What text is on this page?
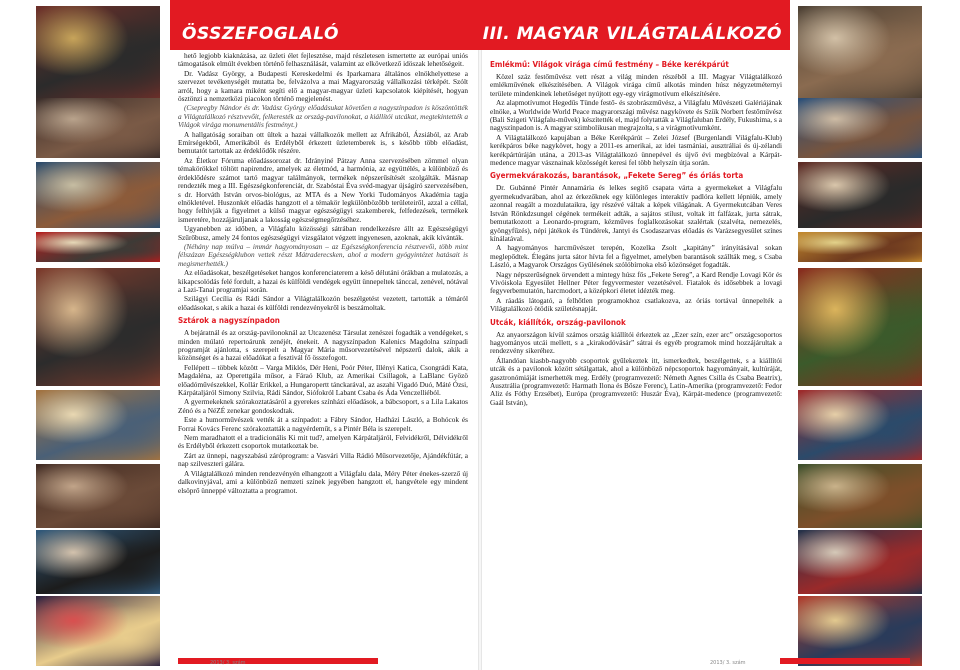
ÖSSZEFOGLALÓ

hető legjobb kiaknázása, az üzleti élet fejlesztése, majd részletesen ismertette az európai uniós támogatások elmúlt években történő felhasználását, valamint az elkövetkező idöszak lehetőségeit.

Dr. Vadász György, a Budapesti Kereskedelmi és Iparkamara általános elnökhelyettese a szervezet tevékenységét mutatta be, felvázolva a mai Magyarország vállalkozási térképét. Szólt arról, hogy a kamara miként segíti elő a magyar-magyar üzleti kapcsolatok kiépítését, hogyan ösztönzi a nemzetközi piacokon történő megjelenést.

(Csepregby Nándor és dr. Vadász György előadásukat követően a nagyszínpadon is köszöntötték a Világtalálkozó résztvevőit, felkeresték az ország-pavilonokat, a kiállítói utcákat, megtekintették a Világok virága monumentális festményt.)

A hallgatóság soraiban ott ültek a hazai vállalkozók mellett az Afrikából, Ázsiából, az Arab Emírségekből, Amerikából és Erdélyből érkezett üzletemberek is, s később több előadást, bemutatót tartottak az érdeklődők részére.

Az Életkor Fóruma előadássorozat dr. Idrányiné Pátzay Anna szervezésében zömmel olyan témakörökkel töltött napirendre, amelyek az életmód, a harmónia, az együttélés, a különböző és érdeklődésre számot tartó magyar találmányok, termékek népszerűsítését szolgálták. Másnap rendezték meg a III. Egészségkonferenciát, dr. Szabóstai Éva svéd-magyar újságíró szervezésében, s dr. Horváth István orvos-biológus, az MTA és a New Yorki Tudományos Akadémia tagja elnökletével. Huszonkét előadás hangzott el a témakör legkülönbözőbb területeiről, azzal a céllal, hogy felhívják a figyelmet a külső magyar egészségügyi szakemberek, felfedezések, termékek ismeretére, hozzájáruljanak a lakosság egészségmegőrzéséhez.

Ugyanebben az időben, a Világfalu közösségi sátrában rendelkezésre állt az Egészségügyi Szűrőbusz, amely 24 fontos egészségügyi vizsgálatot végzett ingyenesen, azoknak, akik kívánták.

(Néhány nap múlva – immár hagyományosan – az Egészségkonferencia résztvevői, több mint félszázan Egészségklubon vettek részt Mátraderecsken, ahol a modern gyógyintézet hatásait is megismerhették.)

Az előadásokat, beszélgetéseket hangos konferenciaterem a késő délutáni órákban a mulatozás, a kikapcsolódás felé fordult, a hazai és külföldi vendégek együtt ünnepeltek tánccal, zenével, nótával a Lazi-Tanai programjai során.

Szilágyi Cecília és Rádi Sándor a Világtalálkozón beszélgetést vezetett, tartották a témáról előadásokat, s akik a hazai és külföldi rendezvényekről is beszámoltak.

Sztárok a nagyszínpadon

A bejáratnál és az ország-pavilonoknál az Utcazenész Társulat zenészei fogadták a vendégeket, s minden múlató repertoárunk zenéjét, énekeit. A nagyszínpadon Kalenics Magdolna színpadi programját ajánlotta, s szerepelt a Magyar Mária műsorvezetésével népszerű dalok, akik a közönséget és a hazai előadókat a fesztivál fő összefogott.

Fellépett – többek között – Varga Miklós, Dér Heni, Poór Péter, Illényi Katica, Csongrádi Kata, Magdaléna, az Operettgála műsor, a Fáraó Klub, az Amerikai Csillagok, a LaBlanc Gyözö előadóművészekkel, Kollár Erikkel, a Hungaropertt tánckarával, az aszahi Vigadó Duó, Máté Ózsi, Kárpátaljáról Simony Szilvia, Rádi Sándor, Siófokról Labant Csaba és Áda Venczelliéból.

A gyermekeknek szórakoztatásáról a gyerekes színházi előadások, a bábcsoport, s a Lila Lakatos Zénó és a NéZÉ zenekar gondoskodtak.

Este a humorművészek vették át a színpadot: a Fábry Sándor, Hadházi László, a Bohócok és Forrai Kovács Ferenc szórakoztatták a nagyérdeműt, s a Pintér Béla is szerepelt.

Nem maradhatott el a tradicionális Ki mit tud?, amelyen Kárpátaljáról, Felvidékről, Délvidékről és Erdélyből érkezett csoportok mutatkoztak be.

Zárt az ünnepi, nagyszabású záróprogram: a Vasvári Villa Rádió Műsorvezetője, Ajándékfútár, a nap szilveszteri gálára.

A Világtalálkozó minden rendezvényén elhangzott a Világfalu dala, Méry Péter énekes-szerző új dalkovinyjával, ami a különböző nemzeti színek jegyében hangzott el, hangvétele egy mindent elsöprő ünneppé változtatta a programot.

2013/ 3. szám
III. MAGYAR VILÁGTALÁLKOZÓ
Emlékmű: Világok virága című festmény – Béke kerékpárút

Közel száz festőművész vett részt a világ minden részéből a III. Magyar Világtalálkozó emlékművének elkészítésében. A Világok virága című alkotás minden húsz négyzetméternyi területe mindenkinek lehetőséget nyújtott egy-egy virágmotívum elkészítésére.

Az alapmotívumot Hegedűs Tünde festő- és szobrászművész, a Világfalu Művészeti Galériájának elnöke, a Worldwide World Peace magyarországi művész nagykövete és Szük Norbert festőművész (Bali Szigeti Világfalu-művek) készítették el, majd folytatták a Világfaluban Erdély, Fukushima, s a nagyszínpadon is. A magyar szimbolikusan megrajzolta, s a virágmotívumként.

A Világtalálkozó kapujában a Béke Kerékpárút – Zelei József (Burgenlandi Világfalu-Klub) kerékpáros béke nagykövet, hogy a 2011-es amerikai, az idei tasmániai, ausztráliai és új-zélandi kerékpártúráján utána, a 2013-as Világtalálkozó ünnepével és újvő évi megbízóval a Kárpát-medence magyar vásznainak közösségét keresi fel több helyszín útja során.

Gyermekvárakozás, barantások, „Fekete Sereg” és óriás torta

Dr. Gubánné Pintér Annamária és lelkes segítő csapata várta a gyermekeket a Világfalu gyermekudvarában, ahol az érkezőknek egy különleges interaktív padlóra kellett lépniük, amely azonnal reagált a mozdulataikra, így részévé váltak a képek világának. A Gyermekutcában Veres István Rönkdzsungel cégének termékeit adták, a sajátos stílust, voltak itt falfázak, jurta sátrak, bemutatkozott a Leonardo-program, kézműves foglalkozásokat szalértak (szalvéta, nemezelés, gyöngyfűzés), népi játékok és Tündérek, Jantyi és Csodaszarvas előadás és Varázsegyesület színes kínálatával.

A hagyományos harcművészet terepén, Kozelka Zsolt „kapitány” irányításával sokan meglepődtek. Élegáns jurta sátor hívta fel a figyelmet, amelyben barantások szállták meg, s Csaba László, a Magyarok Országos Gyűlésének szólóbírnoka első közönséget fogadták.

Nagy népszerűségnek örvendett a mintegy húsz fős „Fekete Sereg”, a Kard Rendje Lovagi Kör és Vívóiskola Egyesület Hellner Péter fegyvermester vezetésével. Fiatalok és idősebbek a lovagi fegyverbemutatón, harcmodort, a középkori életet idézték meg.

A ráadás látogató, a felhőtlen programokhoz csatlakozva, az óriás tortával ünnepelték a Világtalálkozó ötödik születésnapját.

Utcák, kiállítók, ország-pavilonok

Az anyaországon kívül számos ország kiállítói érkeztek az „Ezer szín, ezer arc” országcsoportos hagyományos utcái mellett, s a „kirakodóvásár” sátrai és egyéb programok mind hozzájárultak a rendezvény sikeréhez.

Állandóan kiasbb-nagyobb csoportok gyűlekeztek itt, ismerkedtek, beszélgettek, s a kiállítói utcák és a pavilonok között sétálgattak, ahol a különböző népcsoportok hagyományait, kultúráját, gasztronómiáját ismerhették meg. Erdély (programvezető: Németh Agnes Csilla és Csaba Beatrix), Ausztrália (programvezető: Harmath Ilona és Bősze Ferenc), Latin-Amerika (programvezető: Fedor Aliz és Fóthy Erzsébet), Európa (programvezető: Huszár Éva), Kárpát-medence (programvezető: Gaál István),

2013/ 3. szám
